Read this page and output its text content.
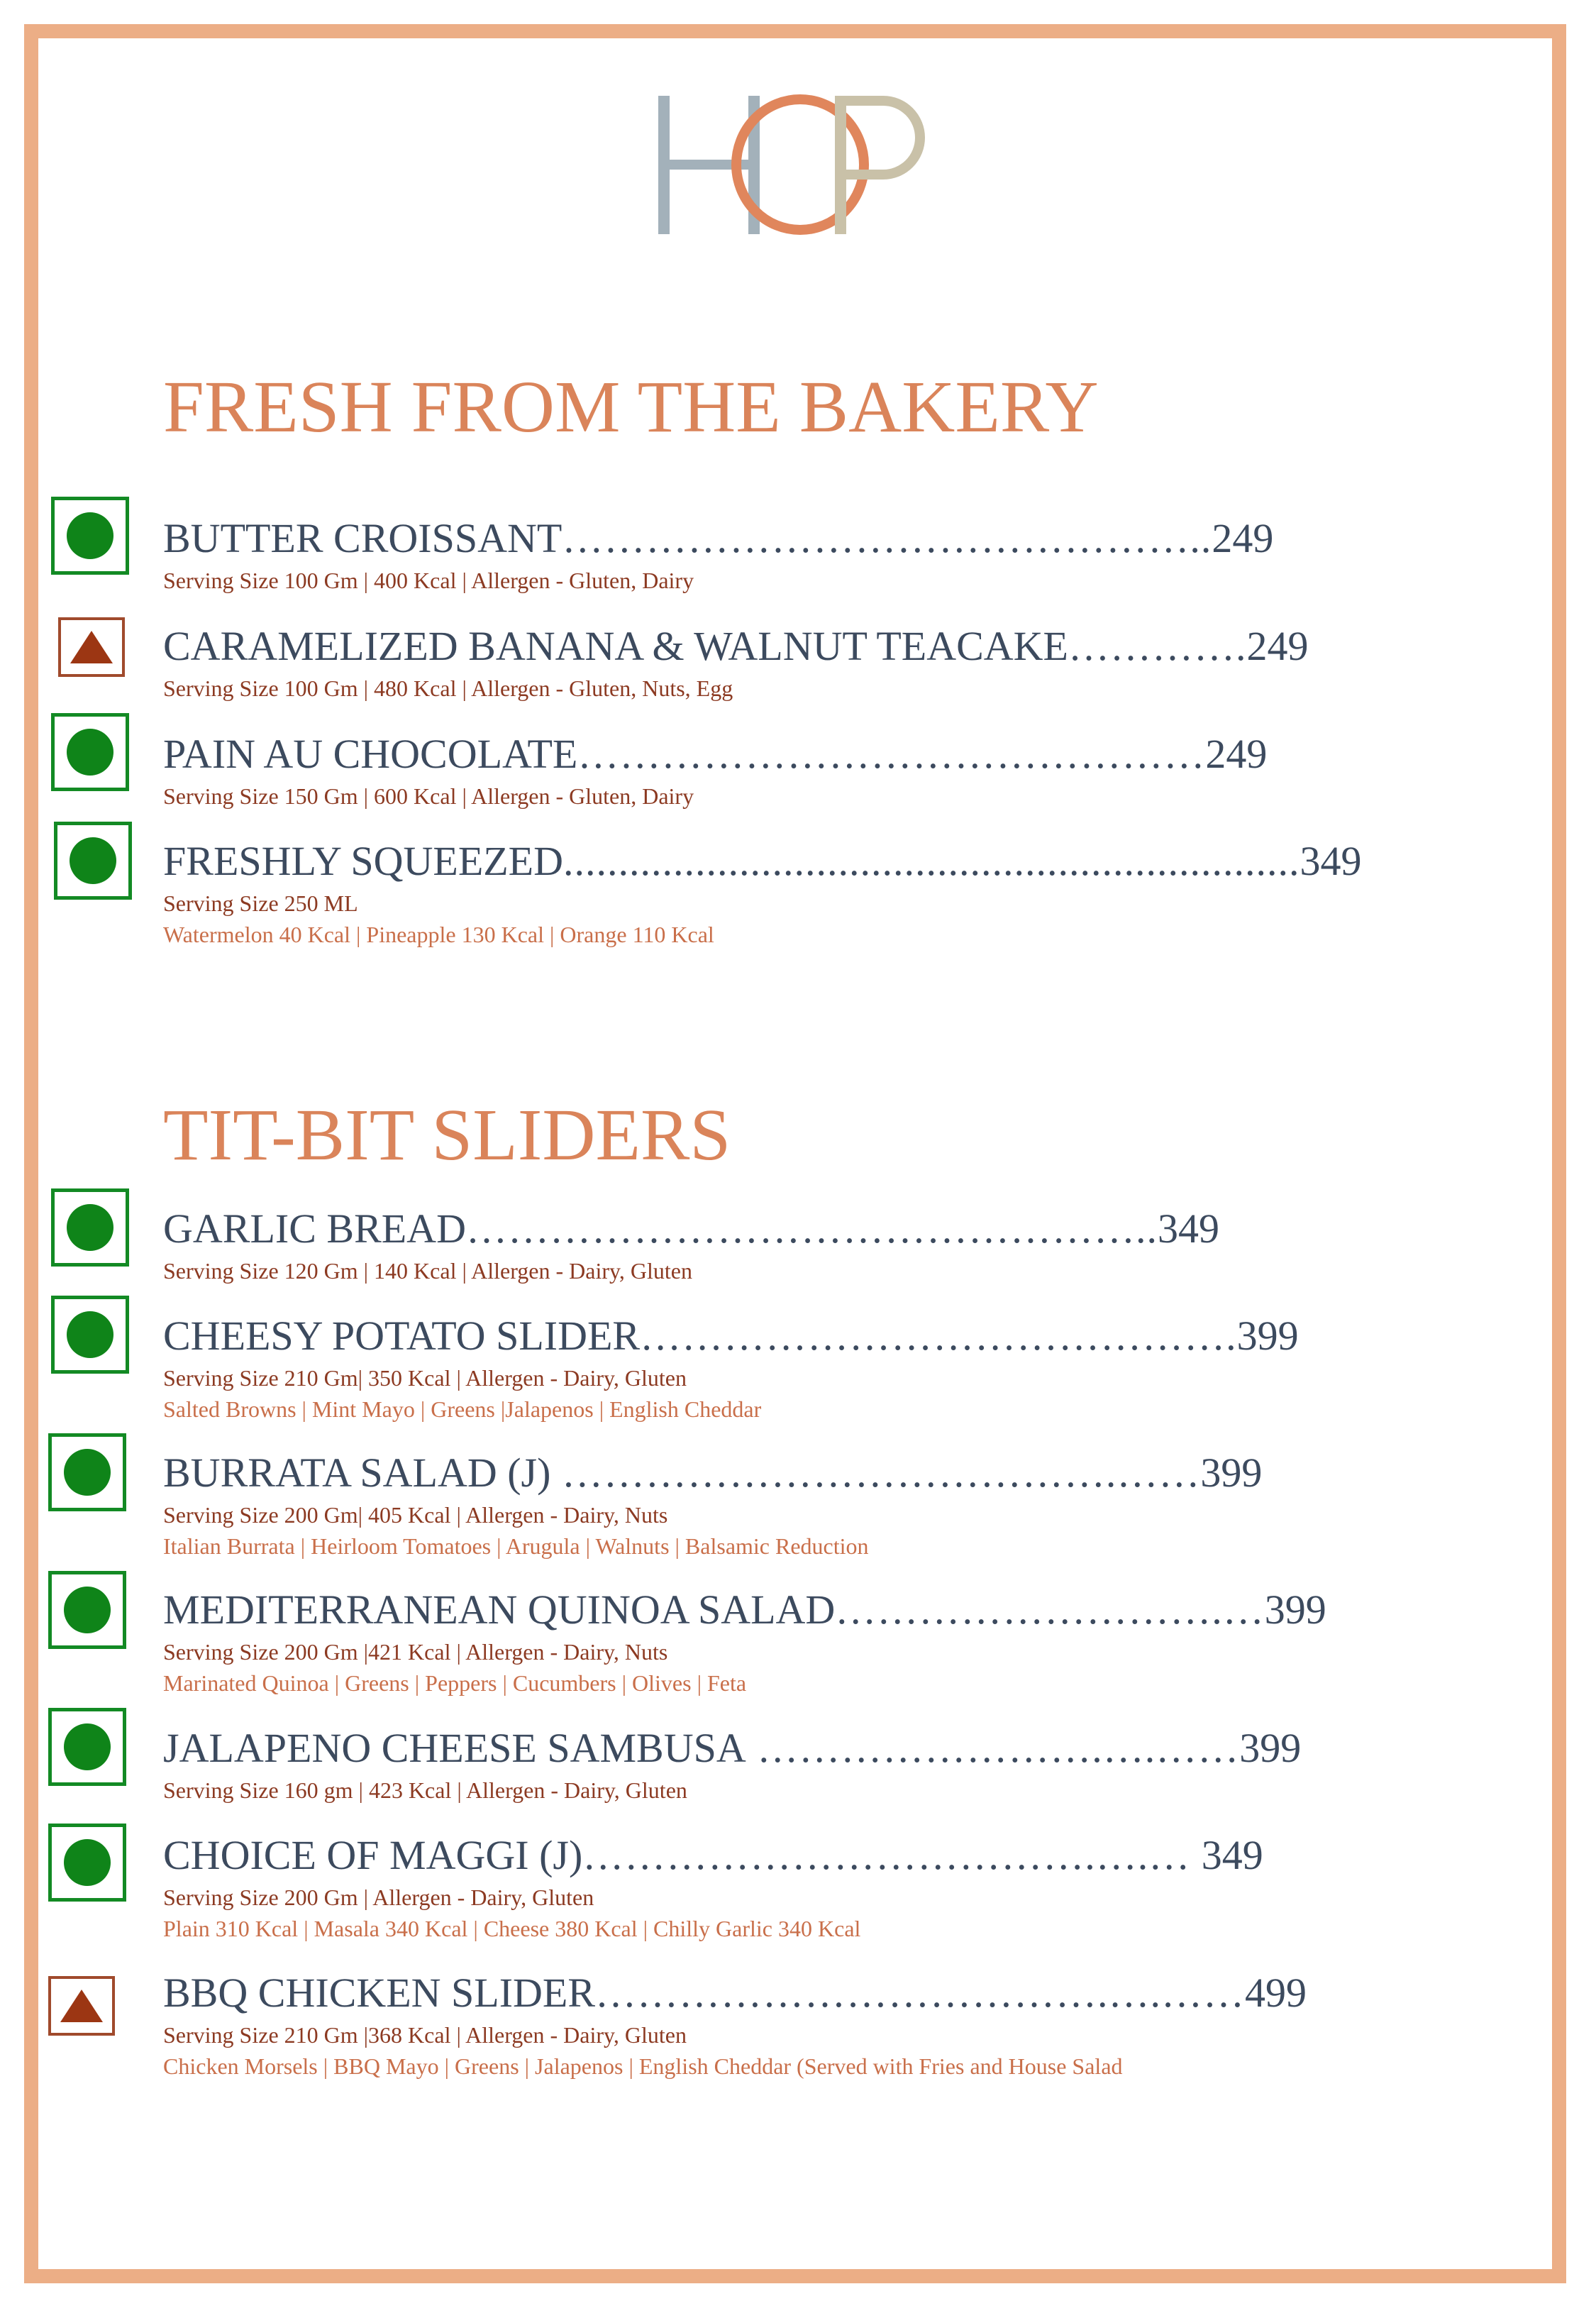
FRESH FROM THE BAKERY
BUTTER CROISSANT………………………………………..249
Serving Size 100 Gm | 400 Kcal | Allergen - Gluten, Dairy
CARAMELIZED BANANA & WALNUT TEACAKE………….249
Serving Size 100 Gm | 480 Kcal | Allergen - Gluten, Nuts, Egg
PAIN AU CHOCOLATE………………………………………249
Serving Size 150 Gm | 600 Kcal | Allergen - Gluten, Dairy
FRESHLY SQUEEZED...................................................................349
Serving Size 250 ML
Watermelon 40 Kcal | Pineapple 130 Kcal | Orange 110 Kcal
TIT-BIT SLIDERS
GARLIC BREAD…………………………………………..349
Serving Size 120 Gm | 140 Kcal | Allergen - Dairy, Gluten
CHEESY POTATO SLIDER…………………………………….399
Serving Size 210 Gm| 350 Kcal | Allergen - Dairy, Gluten
Salted Browns | Mint Mayo | Greens |Jalapenos | English Cheddar
BURRATA SALAD (J) ………………………………….……399
Serving Size 200 Gm| 405 Kcal | Allergen - Dairy, Nuts
Italian Burrata | Heirloom Tomatoes | Arugula | Walnuts | Balsamic Reduction
MEDITERRANEAN QUINOA SALAD……………………….…399
Serving Size 200 Gm |421 Kcal | Allergen - Dairy, Nuts
Marinated Quinoa | Greens | Peppers | Cucumbers | Olives | Feta
JALAPENO CHEESE SAMBUSA …………………….….……399
Serving Size 160 gm | 423 Kcal | Allergen - Dairy, Gluten
CHOICE OF MAGGI (J)……………………………….….… 349
Serving Size 200 Gm | Allergen - Dairy, Gluten
Plain 310 Kcal | Masala 340 Kcal | Cheese 380 Kcal | Chilly Garlic 340 Kcal
BBQ CHICKEN SLIDER……………………………….….……499
Serving Size 210 Gm |368 Kcal | Allergen - Dairy, Gluten
Chicken Morsels | BBQ Mayo | Greens | Jalapenos | English Cheddar (Served with Fries and House Salad
